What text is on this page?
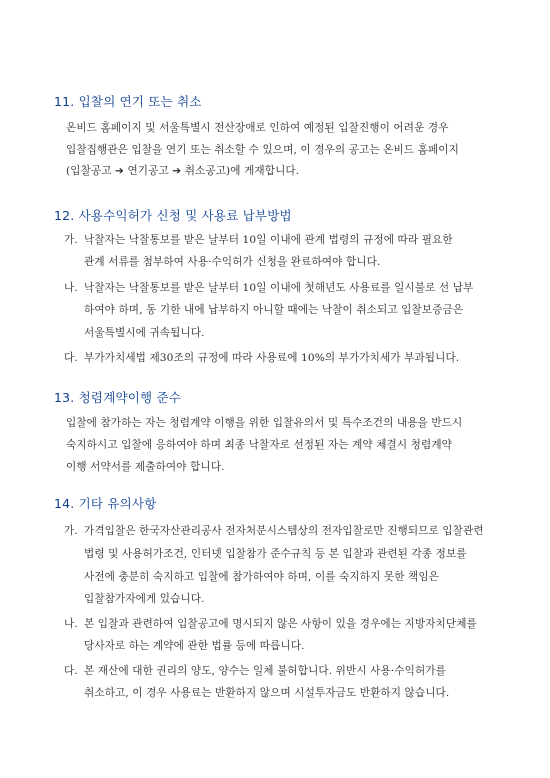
11. 입찰의 연기 또는 취소
온비드 홈페이지 및 서울특별시 전산장애로 인하여 예정된 입찰진행이 어려운 경우
입찰집행관은 입찰을 연기 또는 취소할 수 있으며, 이 경우의 공고는 온비드 홈페이지
(입찰공고 ➔ 연기공고 ➔ 취소공고)에 게재합니다.
12. 사용수익허가 신청 및 사용료 납부방법
가. 낙찰자는 낙찰통보를 받은 날부터 10일 이내에 관계 법령의 규정에 따라 필요한
관계 서류를 첨부하여 사용·수익허가 신청을 완료하여야 합니다.
나. 낙찰자는 낙찰통보를 받은 날부터 10일 이내에 첫해년도 사용료를 일시불로 선 납부
하여야 하며, 동 기한 내에 납부하지 아니할 때에는 낙찰이 취소되고 입찰보증금은
서울특별시에 귀속됩니다.
다. 부가가치세법 제30조의 규정에 따라 사용료에 10%의 부가가치세가 부과됩니다.
13. 청렴계약이행 준수
입찰에 참가하는 자는 청렴계약 이행을 위한 입찰유의서 및 특수조건의 내용을 반드시
숙지하시고 입찰에 응하여야 하며 최종 낙찰자로 선정된 자는 계약 체결시 청렴계약
이행 서약서를 제출하여야 합니다.
14. 기타 유의사항
가. 가격입찰은 한국자산관리공사 전자처분시스템상의 전자입찰로만 진행되므로 입찰관련
법령 및 사용허가조건, 인터넷 입찰참가 준수규칙 등 본 입찰과 관련된 각종 정보를
사전에 충분히 숙지하고 입찰에 참가하여야 하며, 이를 숙지하지 못한 책임은
입찰참가자에게 있습니다.
나. 본 입찰과 관련하여 입찰공고에 명시되지 않은 사항이 있을 경우에는 지방자치단체를
당사자로 하는 계약에 관한 법률 등에 따릅니다.
다. 본 재산에 대한 권리의 양도, 양수는 일체 불허합니다. 위반시 사용·수익허가를
취소하고, 이 경우 사용료는 반환하지 않으며 시설투자금도 반환하지 않습니다.
